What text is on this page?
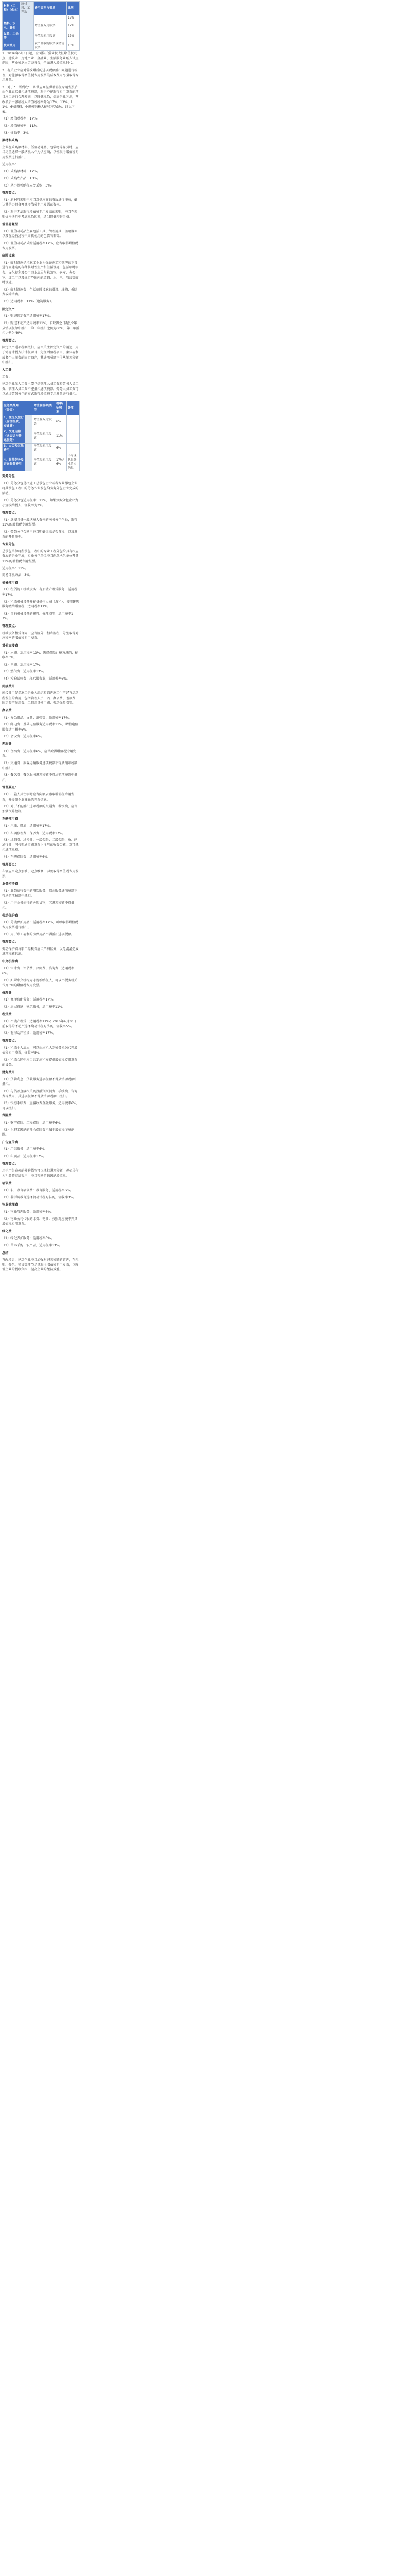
材料（工程）(成本)	原材料、工程款	费用类型与性质	比例
			17%
燃料、水电、其他		增值税专用发票	17%
设备、工具等		增值税专用发票	17%
技术费用		农产品收购发票或销售发票	13%

1、2016年5月1日起，全面推开营业税改征增值税试点，建筑业、房地产业、金融业、生活服务业纳入试点范围，营业税退出历史舞台，全面进入增值税时代。

2、有关企业应对营改增后的进项税额抵扣问题进行梳理，对能够取得增值税专用发票的成本费用尽量取得专用发票。

3、对于“一票到底”，即供应商提供增值税专用发票后由企业直接抵扣进项税额，对于不能取得专用发票的项目应当进行合理筹划，以降低税负，提高企业利润，营改增后一般纳税人增值税税率分为17%、13%、11%、6%四档，小规模纳税人征收率为3%，详见下表。

（1）增值税税率：17%。

（2）增值税税率：11%。

（3）征收率：3%。

原材料采购

企业在采购原材料、低值易耗品、包装物等存货时，应当尽量选择一般纳税人作为供应商，以便取得增值税专用发票进行抵扣。

适用税率：

（1）采购原材料：17%。

（2）采购农产品：13%。

（3）从小规模纳税人处采购：3%。

管理要点：

（1）原材料采购中应当对供应商的资质进行审核，确认其是否具备开具增值税专用发票的资格。

（2）对于无法取得增值税专用发票的采购，应当在采购价格谈判中考虑税负因素，适当降低采购价格。

低值易耗品

（1）低值易耗品主要包括工具、管理用具、玻璃器皿以及在经营过程中周转使用的包装容器等。

（2）低值易耗品采购适用税率17%，应当取得增值税专用发票。

临时设施

（1）临时设施是指施工企业为保证施工和管理的正常进行而建造的各种临时性生产和生活设施，包括临时宿舍、文化福利及公用事业房屋与构筑物、仓库、办公室、加工厂以及规定范围内的道路、水、电、管线等临时设施。

（2）临时设施费：包括临时设施的搭设、维修、拆除费或摊销费。

（3）适用税率：11%（建筑服务）。

固定资产

（1）购进固定资产适用税率17%。

（2）购进不动产适用税率11%，自取得之日起分2年从销项税额中抵扣，第一年抵扣比例为60%，第二年抵扣比例为40%。

管理要点：

固定资产进项税额抵扣，应当关注固定资产的用途，用于简易计税方法计税项目、免征增值税项目、集体福利或者个人消费的固定资产，其进项税额不得从销项税额中抵扣。

人工费

工资：

建筑企业的人工费主要包括管理人员工资和劳务人员工资，管理人员工资不能抵扣进项税额，劳务人员工资可以通过劳务分包的方式取得增值税专用发票进行抵扣。

服务类费用（分类）		增值税税率类型	税率/征收率	备注
1、住房及旅行（含住宿费、交通费）		增值税专用发票	6%	
2、交通运输（含客运与货运服务）		增值税专用发票	11%	
3、办公及其他费用		增值税专用发票	6%	
4、其他劳务及咨询服务费用		增值税专用发票	17%/6%	不为现代服务业的应纳税

劳务分包

（1）劳务分包是指施工总承包企业或者专业承包企业将其承包工程中的劳务作业发包给劳务分包企业完成的活动。

（2）劳务分包适用税率：11%，如果劳务分包企业为小规模纳税人，征收率为3%。

管理要点：

（1）选择具备一般纳税人资格的劳务分包企业，取得11%的增值税专用发票。

（2）劳务分包合同中应当明确价款是否含税，以及发票的开具类型。

专业分包

总承包单位将所承包工程中的专业工程分包给具有相应资质的企业完成，专业分包单位应当向总承包单位开具11%的增值税专用发票。

适用税率：11%。

简易计税方法：3%。

机械使用费

（1）租赁施工机械设备：有形动产租赁服务，适用税率17%。

（2）租赁机械设备并配备操作人员（湿租）：按照建筑服务缴纳增值税，适用税率11%。

（3）自有机械设备的燃料、修理费等：适用税率17%。

管理要点：

机械设备租赁合同中应当区分干租和湿租，分别取得对应税率的增值税专用发票。

其他直接费

（1）水费：适用税率13%；选择简易计税方法的，征收率3%。

（2）电费：适用税率17%。

（3）燃气费：适用税率13%。

（4）检验试验费：现代服务业，适用税率6%。

间接费用

间接费用是指施工企业为组织和管理施工生产经营活动所发生的费用，包括管理人员工资、办公费、差旅费、固定资产使用费、工具用具使用费、劳动保险费等。

办公费

（1）办公用品、文具、纸张等：适用税率17%。

（2）邮电费：基础电信服务适用税率11%，增值电信服务适用税率6%。

（3）会议费：适用税率6%。

差旅费

（1）住宿费：适用税率6%，应当取得增值税专用发票。

（2）交通费：旅客运输服务进项税额不得从销项税额中抵扣。

（3）餐饮费：餐饮服务进项税额不得从销项税额中抵扣。

管理要点：

（1）出差人员住宿时应当向酒店索取增值税专用发票，并提供企业准确的开票信息。

（2）对于不能抵扣进项税额的交通费、餐饮费，应当加强预算控制。

车辆使用费

（1）汽油、柴油：适用税率17%。

（2）车辆修理费、保养费：适用税率17%。

（3）过路费、过桥费：一级公路、二级公路、桥、闸通行费，可按照通行费发票上注明的收费金额计算可抵扣进项税额。

（4）车辆保险费：适用税率6%。

管理要点：

车辆应当定点加油、定点维修，以便取得增值税专用发票。

业务招待费

（1）业务招待费中的餐饮服务、娱乐服务进项税额不得从销项税额中抵扣。

（2）用于业务招待的外购货物，其进项税额不得抵扣。

劳动保护费

（1）劳动保护用品：适用税率17%，可以取得增值税专用发票进行抵扣。

（2）用于职工福利的劳保用品不得抵扣进项税额。

管理要点：

劳动保护费与职工福利费应当严格区分，以免混淆造成进项税额转出。

中介机构费

（1）审计费、评估费、律师费、咨询费：适用税率6%。

（2）如果中介机构为小规模纳税人，可以由税务机关代开3%的增值税专用发票。

修理费

（1）修理修配劳务：适用税率17%。

（2）房屋修缮：建筑服务，适用税率11%。

租赁费

（1）不动产租赁：适用税率11%；2016年4月30日前取得的不动产选择简易计税方法的，征收率5%。

（2）有形动产租赁：适用税率17%。

管理要点：

（1）租赁个人房屋，可以由出租人到税务机关代开增值税专用发票，征收率5%。

（2）租赁合同中应当约定出租方提供增值税专用发票的义务。

财务费用

（1）贷款利息：贷款服务进项税额不得从销项税额中抵扣。

（2）与贷款直接相关的投融资顾问费、手续费、咨询费等费用，其进项税额不得从销项税额中抵扣。

（3）银行手续费：直接收费金融服务，适用税率6%，可以抵扣。

保险费

（1）财产保险、工程保险：适用税率6%。

（2）为职工缴纳的社会保险费不属于增值税征税范围。

广告宣传费

（1）广告服务：适用税率6%。

（2）印刷品：适用税率17%。

管理要点：

用于广告宣传的外购货物可以抵扣进项税额，但如果作为礼品赠送给客户，应当视同销售缴纳增值税。

培训费

（1）职工教育培训费：教育服务，适用税率6%。

（2）非学历教育选择简易计税方法的，征收率3%。

物业管理费

（1）物业管理服务：适用税率6%。

（2）物业公司代收的水费、电费：按照对应税率开具增值税专用发票。

绿化费

（1）绿化养护服务：适用税率6%。

（2）苗木采购：农产品，适用税率13%。

总结

营改增后，建筑企业应当加强对进项税额的管理，在采购、分包、租赁等环节尽量取得增值税专用发票，以降低企业的税收负担，提高企业的经济效益。
